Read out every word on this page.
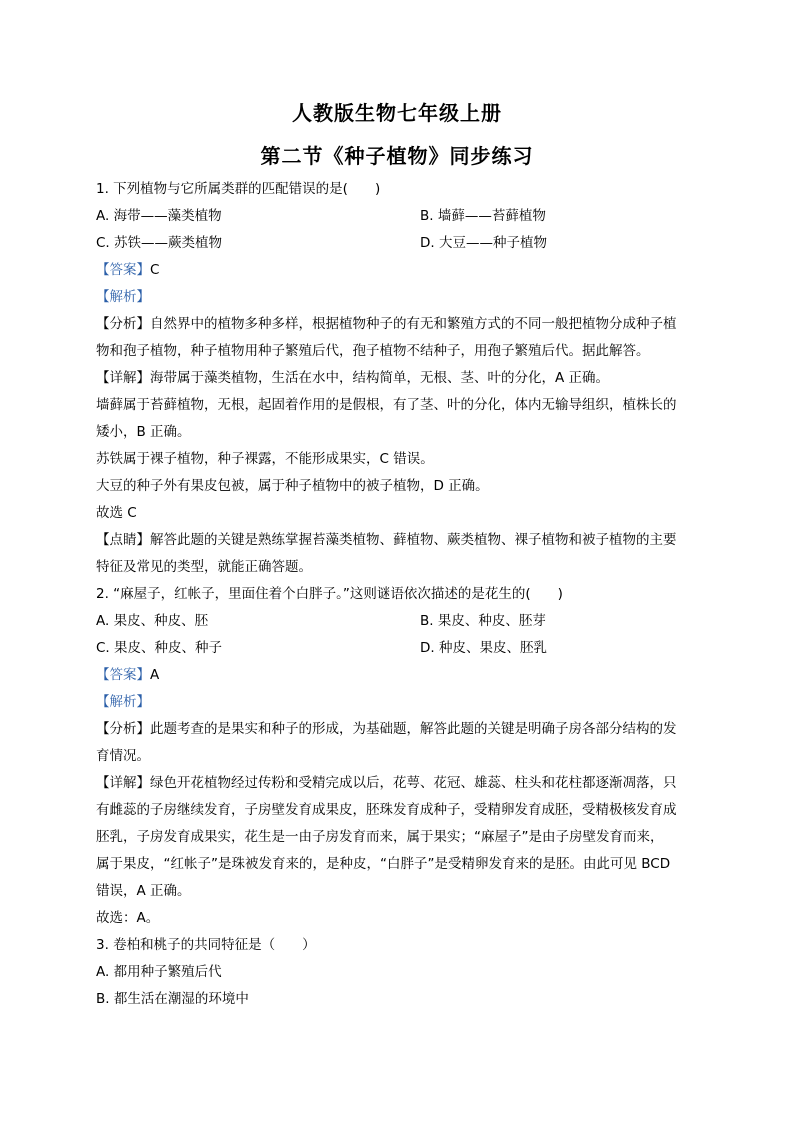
人教版生物七年级上册
第二节《种子植物》同步练习
1. 下列植物与它所属类群的匹配错误的是(　　)
A. 海带——藻类植物	B. 墙藓——苔藓植物
C. 苏铁——蕨类植物	D. 大豆——种子植物
【答案】C
【解析】
【分析】自然界中的植物多种多样，根据植物种子的有无和繁殖方式的不同一般把植物分成种子植
物和孢子植物，种子植物用种子繁殖后代，孢子植物不结种子，用孢子繁殖后代。据此解答。
【详解】海带属于藻类植物，生活在水中，结构简单，无根、茎、叶的分化，A 正确。
墙藓属于苔藓植物，无根，起固着作用的是假根，有了茎、叶的分化，体内无输导组织，植株长的
矮小，B 正确。
苏铁属于裸子植物，种子裸露，不能形成果实，C 错误。
大豆的种子外有果皮包被，属于种子植物中的被子植物，D 正确。
故选 C
【点睛】解答此题的关键是熟练掌握苔藻类植物、藓植物、蕨类植物、裸子植物和被子植物的主要
特征及常见的类型，就能正确答题。
2. “麻屋子，红帐子，里面住着个白胖子。”这则谜语依次描述的是花生的(　　)
A. 果皮、种皮、胚	B. 果皮、种皮、胚芽
C. 果皮、种皮、种子	D. 种皮、果皮、胚乳
【答案】A
【解析】
【分析】此题考查的是果实和种子的形成，为基础题，解答此题的关键是明确子房各部分结构的发
育情况。
【详解】绿色开花植物经过传粉和受精完成以后，花萼、花冠、雄蕊、柱头和花柱都逐渐凋落，只
有雌蕊的子房继续发育，子房壁发育成果皮，胚珠发育成种子，受精卵发育成胚，受精极核发育成
胚乳，子房发育成果实，花生是一由子房发育而来，属于果实；“麻屋子”是由子房壁发育而来，
属于果皮，“红帐子”是珠被发育来的，是种皮，“白胖子”是受精卵发育来的是胚。由此可见 BCD
错误，A 正确。
故选：A。
3. 卷柏和桃子的共同特征是（　　）
A. 都用种子繁殖后代
B. 都生活在潮湿的环境中
